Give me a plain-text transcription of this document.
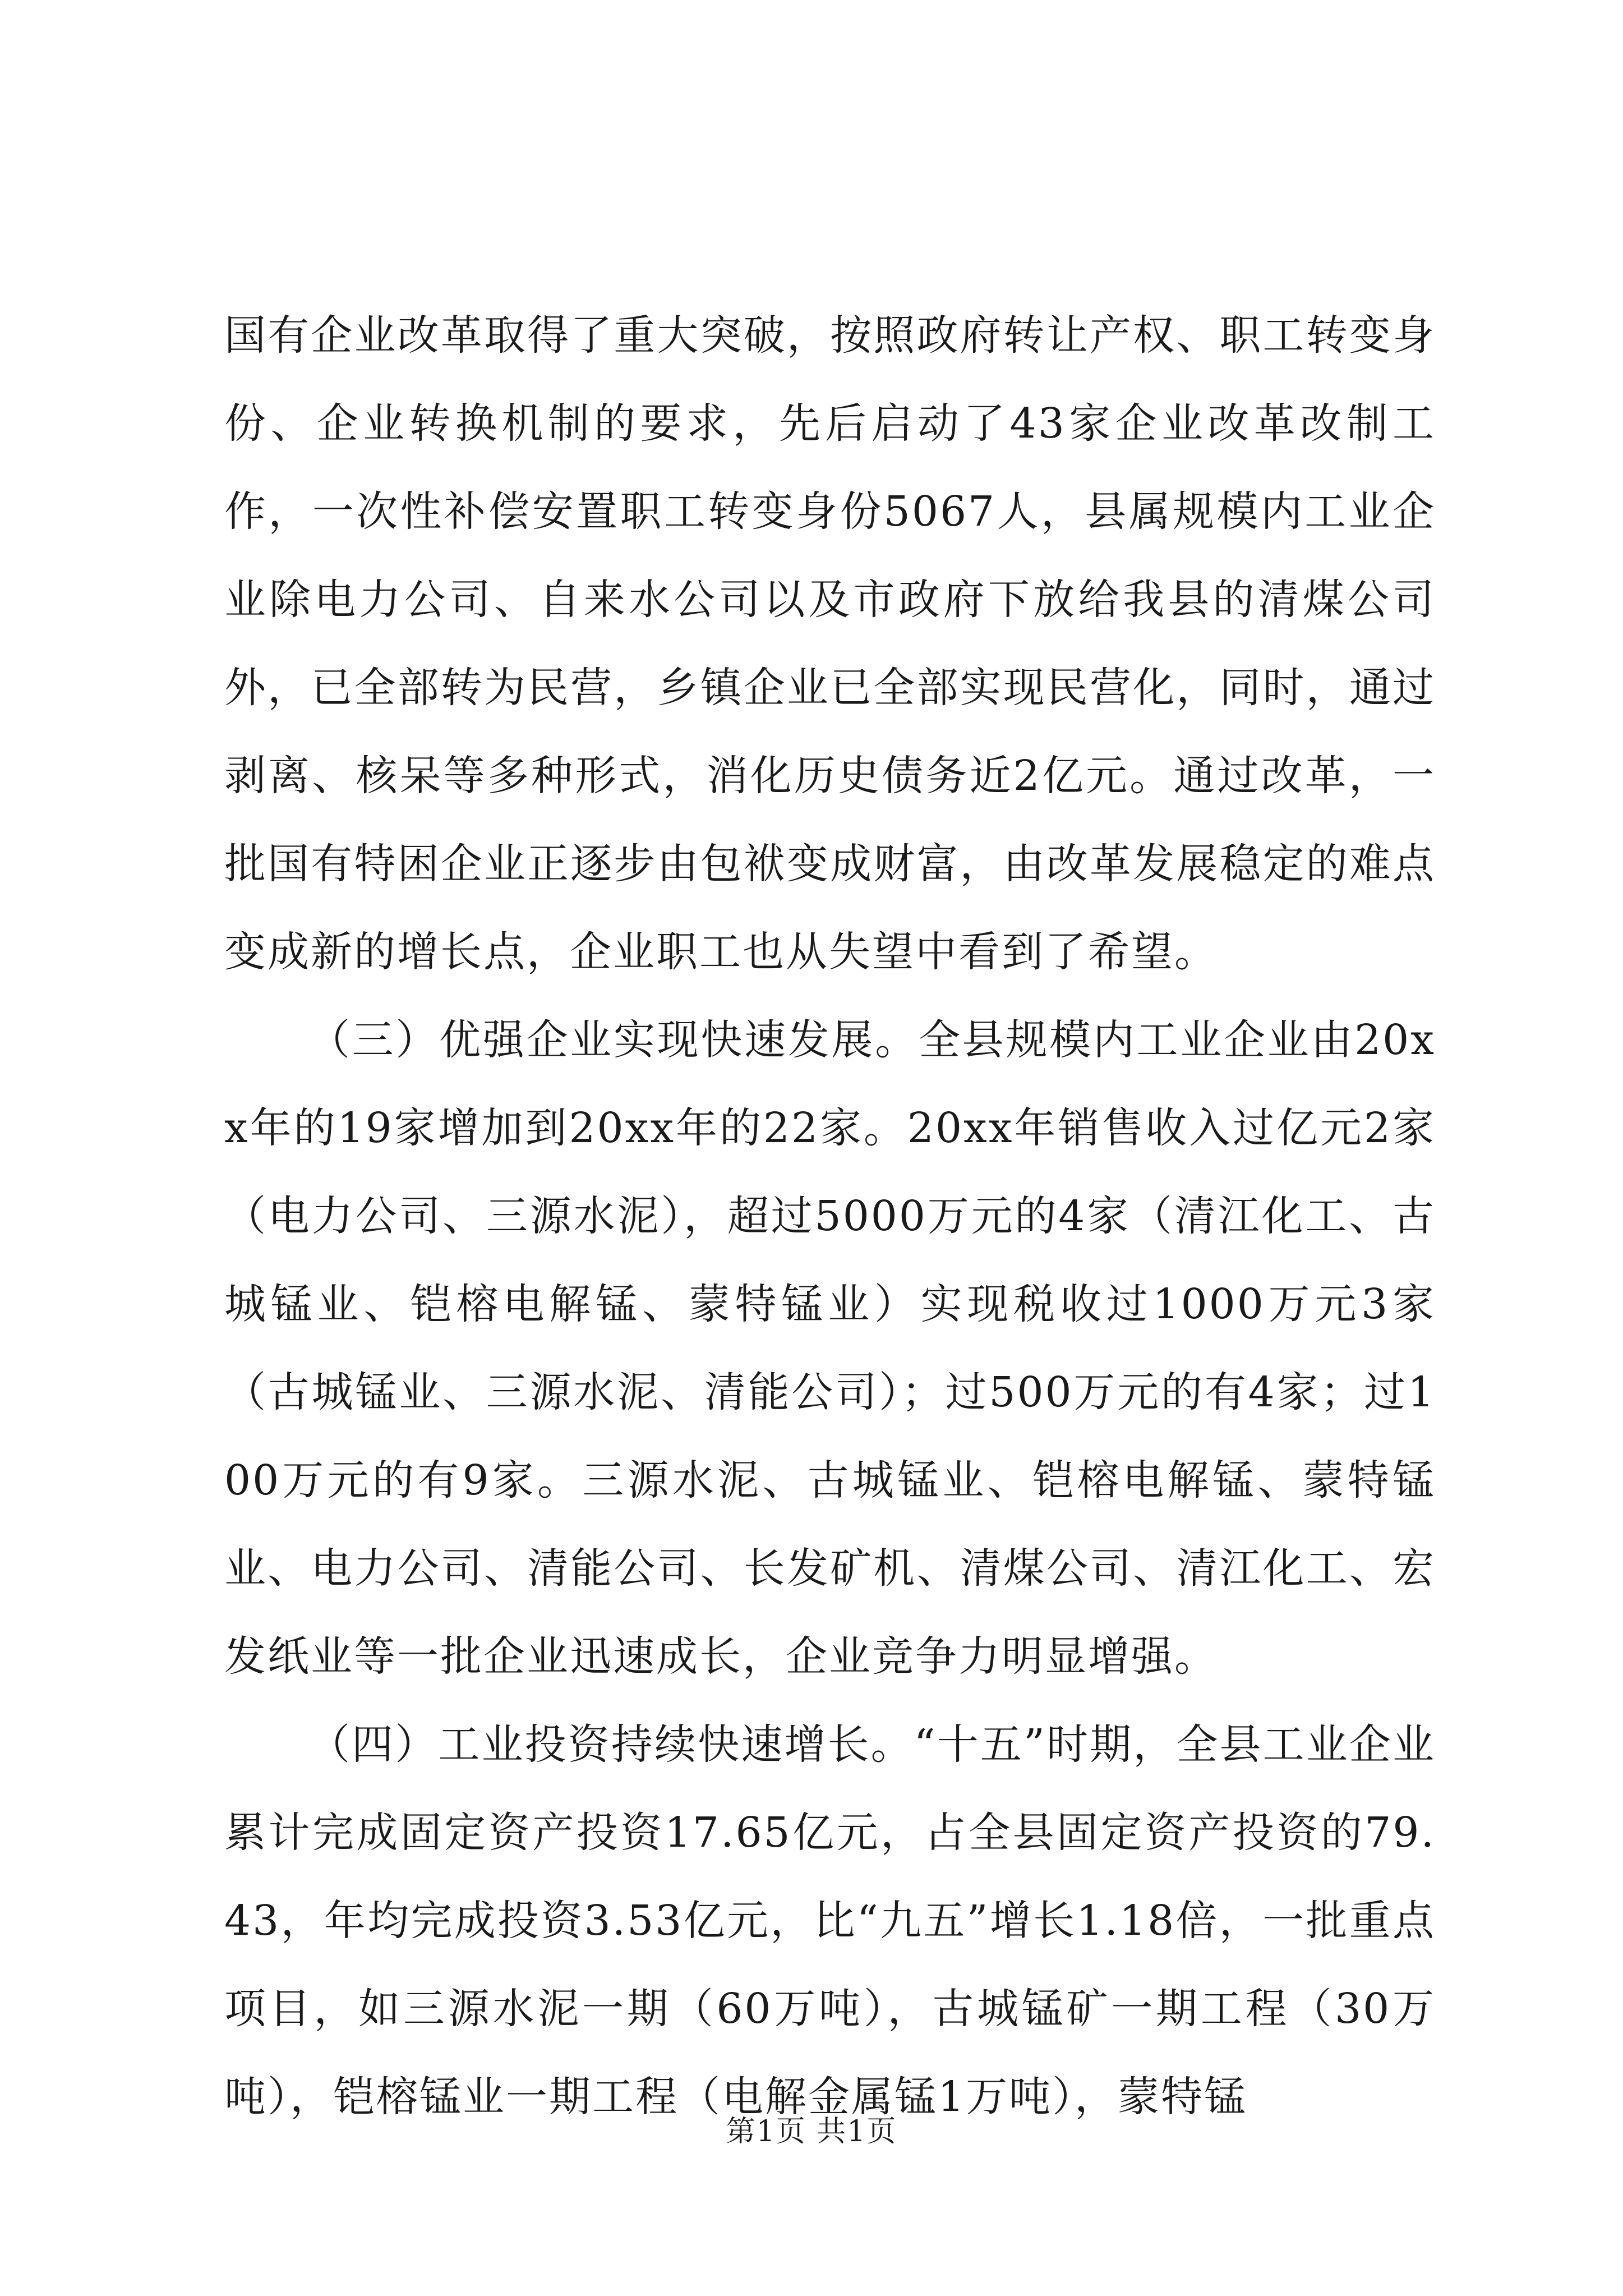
国有企业改革取得了重大突破，按照政府转让产权、职工转变身份、企业转换机制的要求，先后启动了43家企业改革改制工作，一次性补偿安置职工转变身份5067人，县属规模内工业企业除电力公司、自来水公司以及市政府下放给我县的清煤公司外，已全部转为民营，乡镇企业已全部实现民营化，同时，通过剥离、核呆等多种形式，消化历史债务近2亿元。通过改革，一批国有特困企业正逐步由包袱变成财富，由改革发展稳定的难点变成新的增长点，企业职工也从失望中看到了希望。

（三）优强企业实现快速发展。全县规模内工业企业由20xx年的19家增加到20xx年的22家。20xx年销售收入过亿元2家（电力公司、三源水泥），超过5000万元的4家（清江化工、古城锰业、铠榕电解锰、蒙特锰业）实现税收过1000万元3家（古城锰业、三源水泥、清能公司）；过500万元的有4家；过100万元的有9家。三源水泥、古城锰业、铠榕电解锰、蒙特锰业、电力公司、清能公司、长发矿机、清煤公司、清江化工、宏发纸业等一批企业迅速成长，企业竞争力明显增强。

（四）工业投资持续快速增长。“十五”时期，全县工业企业累计完成固定资产投资17.65亿元，占全县固定资产投资的79.43，年均完成投资3.53亿元，比“九五”增长1.18倍，一批重点项目，如三源水泥一期（60万吨），古城锰矿一期工程（30万吨），铠榕锰业一期工程（电解金属锰1万吨），蒙特锰

第1页 共1页
